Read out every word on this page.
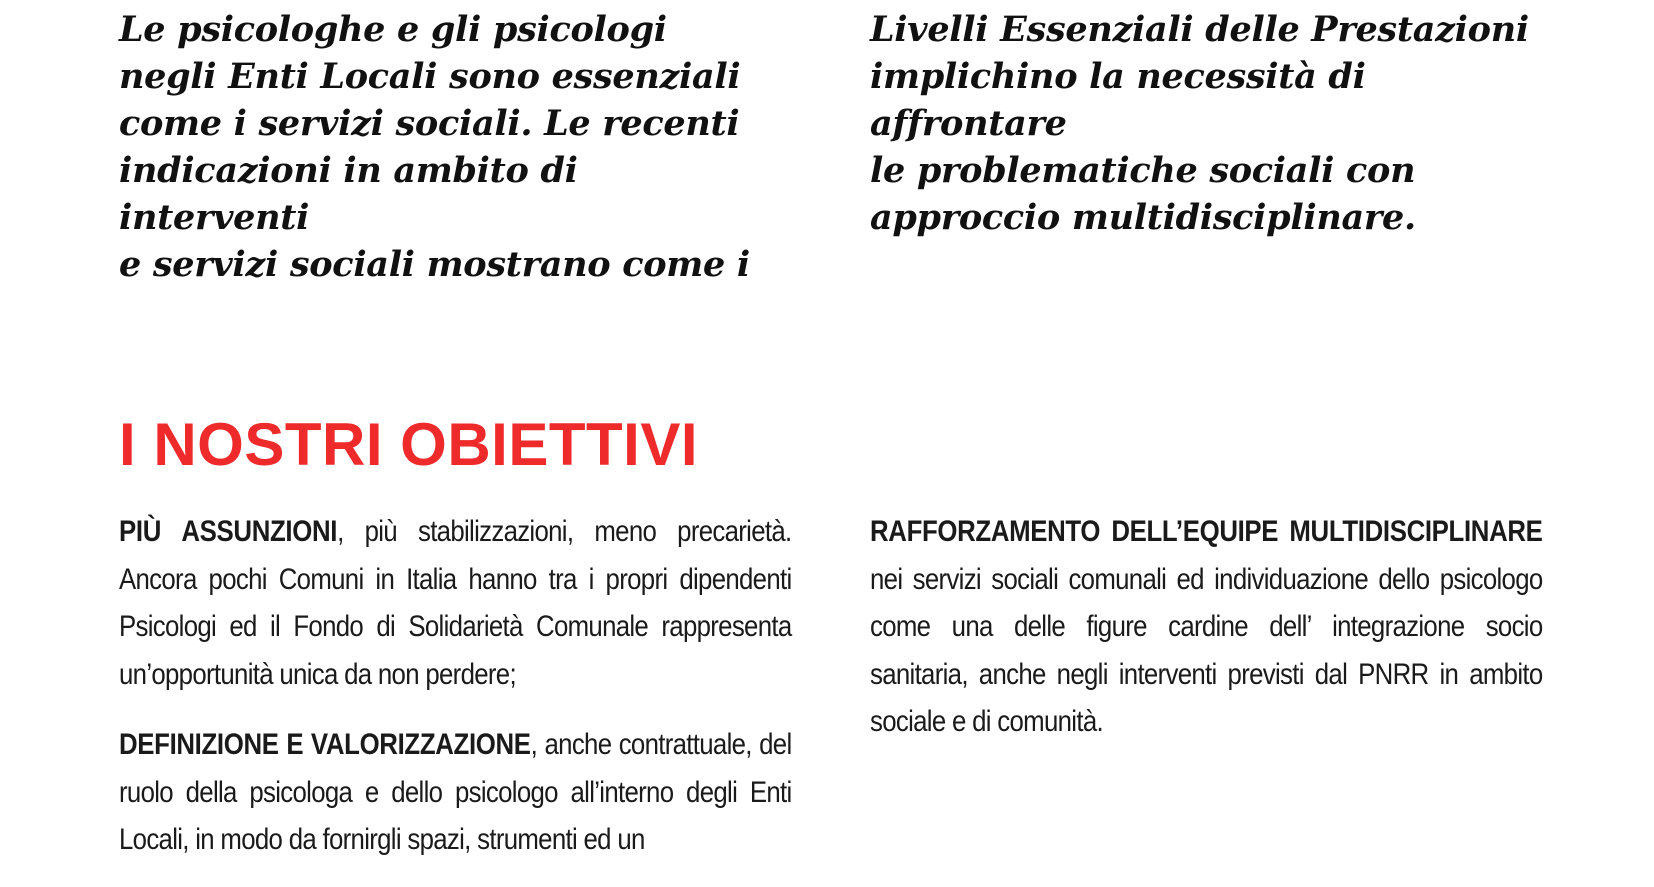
Le psicologhe e gli psicologi
negli Enti Locali sono essenziali
come i servizi sociali. Le recenti
indicazioni in ambito di interventi
e servizi sociali mostrano come i

Livelli Essenziali delle Prestazioni
implichino la necessità di affrontare
le problematiche sociali con
approccio multidisciplinare.

I NOSTRI OBIETTIVI

PIÙ ASSUNZIONI, più stabilizzazioni, meno precarietà. Ancora pochi Comuni in Italia hanno tra i propri dipendenti Psicologi ed il Fondo di Solidarietà Comunale rappresenta un’opportunità unica da non perdere;

DEFINIZIONE E VALORIZZAZIONE, anche contrattuale, del ruolo della psicologa e dello psicologo all’interno degli Enti Locali, in modo da fornirgli spazi, strumenti ed un

RAFFORZAMENTO DELL’EQUIPE MULTIDISCIPLINARE nei servizi sociali comunali ed individuazione dello psicologo come una delle figure cardine dell’ integrazione socio sanitaria, anche negli interventi previsti dal PNRR in ambito sociale e di comunità.
